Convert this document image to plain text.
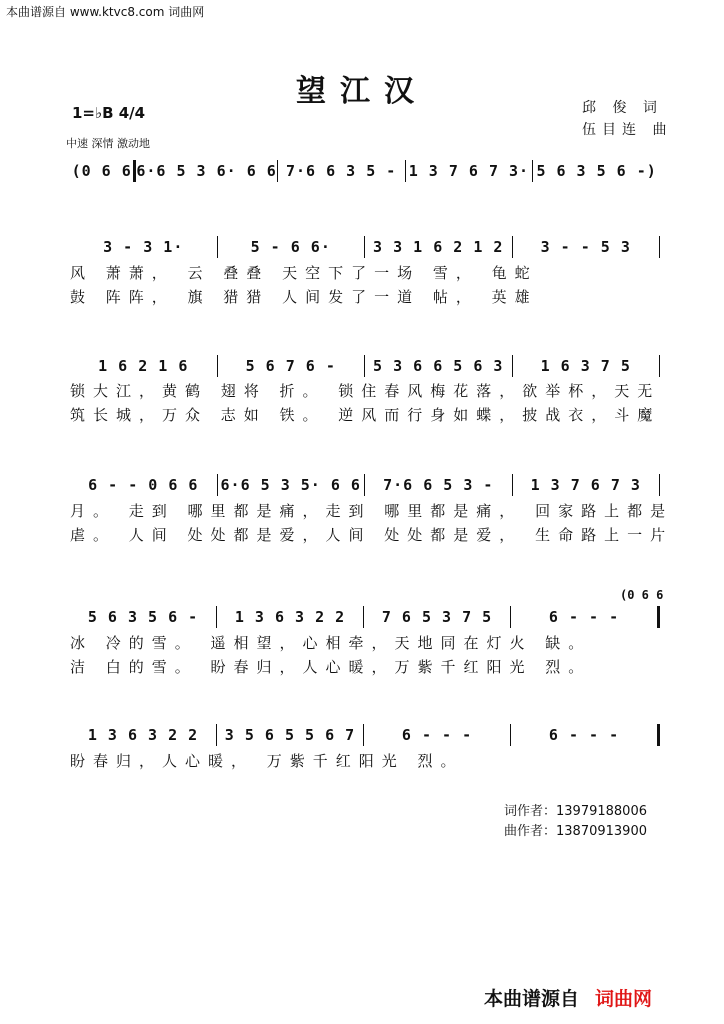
本曲谱源自 www.ktvc8.com 词曲网
望江汉
1=♭B 4/4
中速 深情 激动地
邱 俊 词
伍目连 曲
(0 6 6 6·6 5 3 6· 6 6 7·6 6 3 5 - 1 3 7 6 7 3· 5 6 3 5 6 -)
3 - 3 1·	5 - 6 6·	3 3 1 6 2 1 2	3 - - 5 3
风 萧萧， 云 叠叠 天空下了一场 雪， 龟蛇
鼓 阵阵， 旗 猎猎 人间发了一道 帖， 英雄
1 6 2 1 6	5 6 7 6 -	5 3 6 6 5 6 3	1 6 3 7 5
锁大江，黄鹤 翅将 折。 锁住春风梅花落，欲举杯，天无
筑长城，万众 志如 铁。 逆风而行身如蝶，披战衣，斗魔
6 - - 0 6 6	6·6 5 3 5· 6 6	7·6 6 5 3 -	1 3 7 6 7 3
月。 走到 哪里都是痛，走到 哪里都是痛， 回家路上都是
虐。 人间 处处都是爱，人间 处处都是爱， 生命路上一片
(0 6 6
5 6 3 5 6 -	1 3 6 3 2 2	7 6 5 3 7 5	6 - - -
冰 冷的雪。 遥相望，心相牵，天地同在灯火 缺。
洁 白的雪。 盼春归，人心暖，万紫千红阳光 烈。
1 3 6 3 2 2	3 5 6 5 5 6 7	6 - - -	6 - - -
盼春归，人心暖， 万紫千红阳光 烈。
词作者：13979188006
曲作者：13870913900
本曲谱源自 词曲网
